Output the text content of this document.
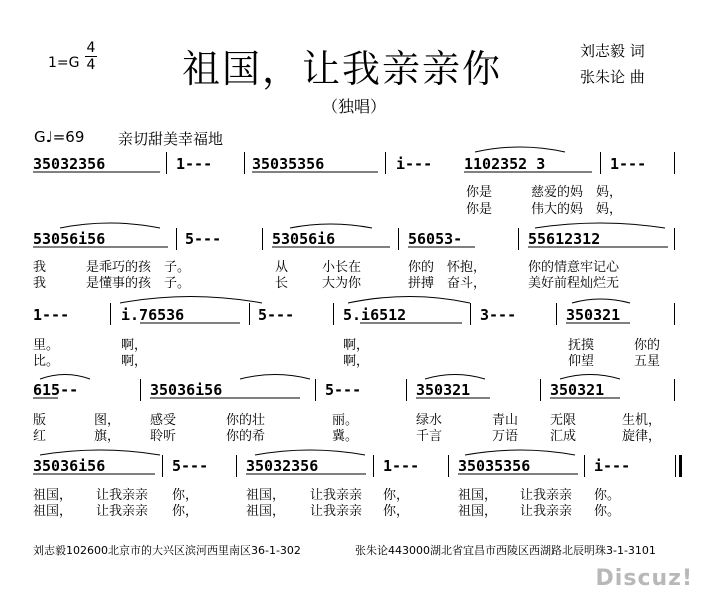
1=G
4
4 祖国，让我亲亲你	刘志毅 词
张朱论 曲
（独唱）
G♩=69 亲切甜美幸福地
35032356	1---	35035356	i--- 1102352 3	1---
你是　　　慈爱的妈　妈，
你是　　　伟大的妈　妈，
53056i56	5---	53056i6	56053-	55612312
我	是乖巧的孩　子。	从	小长在	你的　怀抱，	你的情意牢记心
我	是懂事的孩　子。	长	大为你	拼搏　奋斗，	美好前程灿烂无
1---	i.76536	5---	5.i6512	3---	350321
里。	啊，	啊，	抚摸	你的
比。	啊，	啊，	仰望	五星
615--	35036i56	5---	350321	350321
版	图， 感受	你的壮	丽。	绿水	青山 无限	生机，
红	旗， 聆听	你的希	冀。	千言	万语 汇成	旋律，
35036i56	5---	35032356	1---	35035356	i---
祖国， 让我亲亲 你，	祖国， 让我亲亲 你，	祖国， 让我亲亲 你。
祖国， 让我亲亲 你，	祖国， 让我亲亲 你，	祖国， 让我亲亲 你。
刘志毅102600北京市的大兴区滨河西里南区36-1-302	张朱论443000湖北省宜昌市西陵区西湖路北辰明珠3-1-3101
Discuz!
